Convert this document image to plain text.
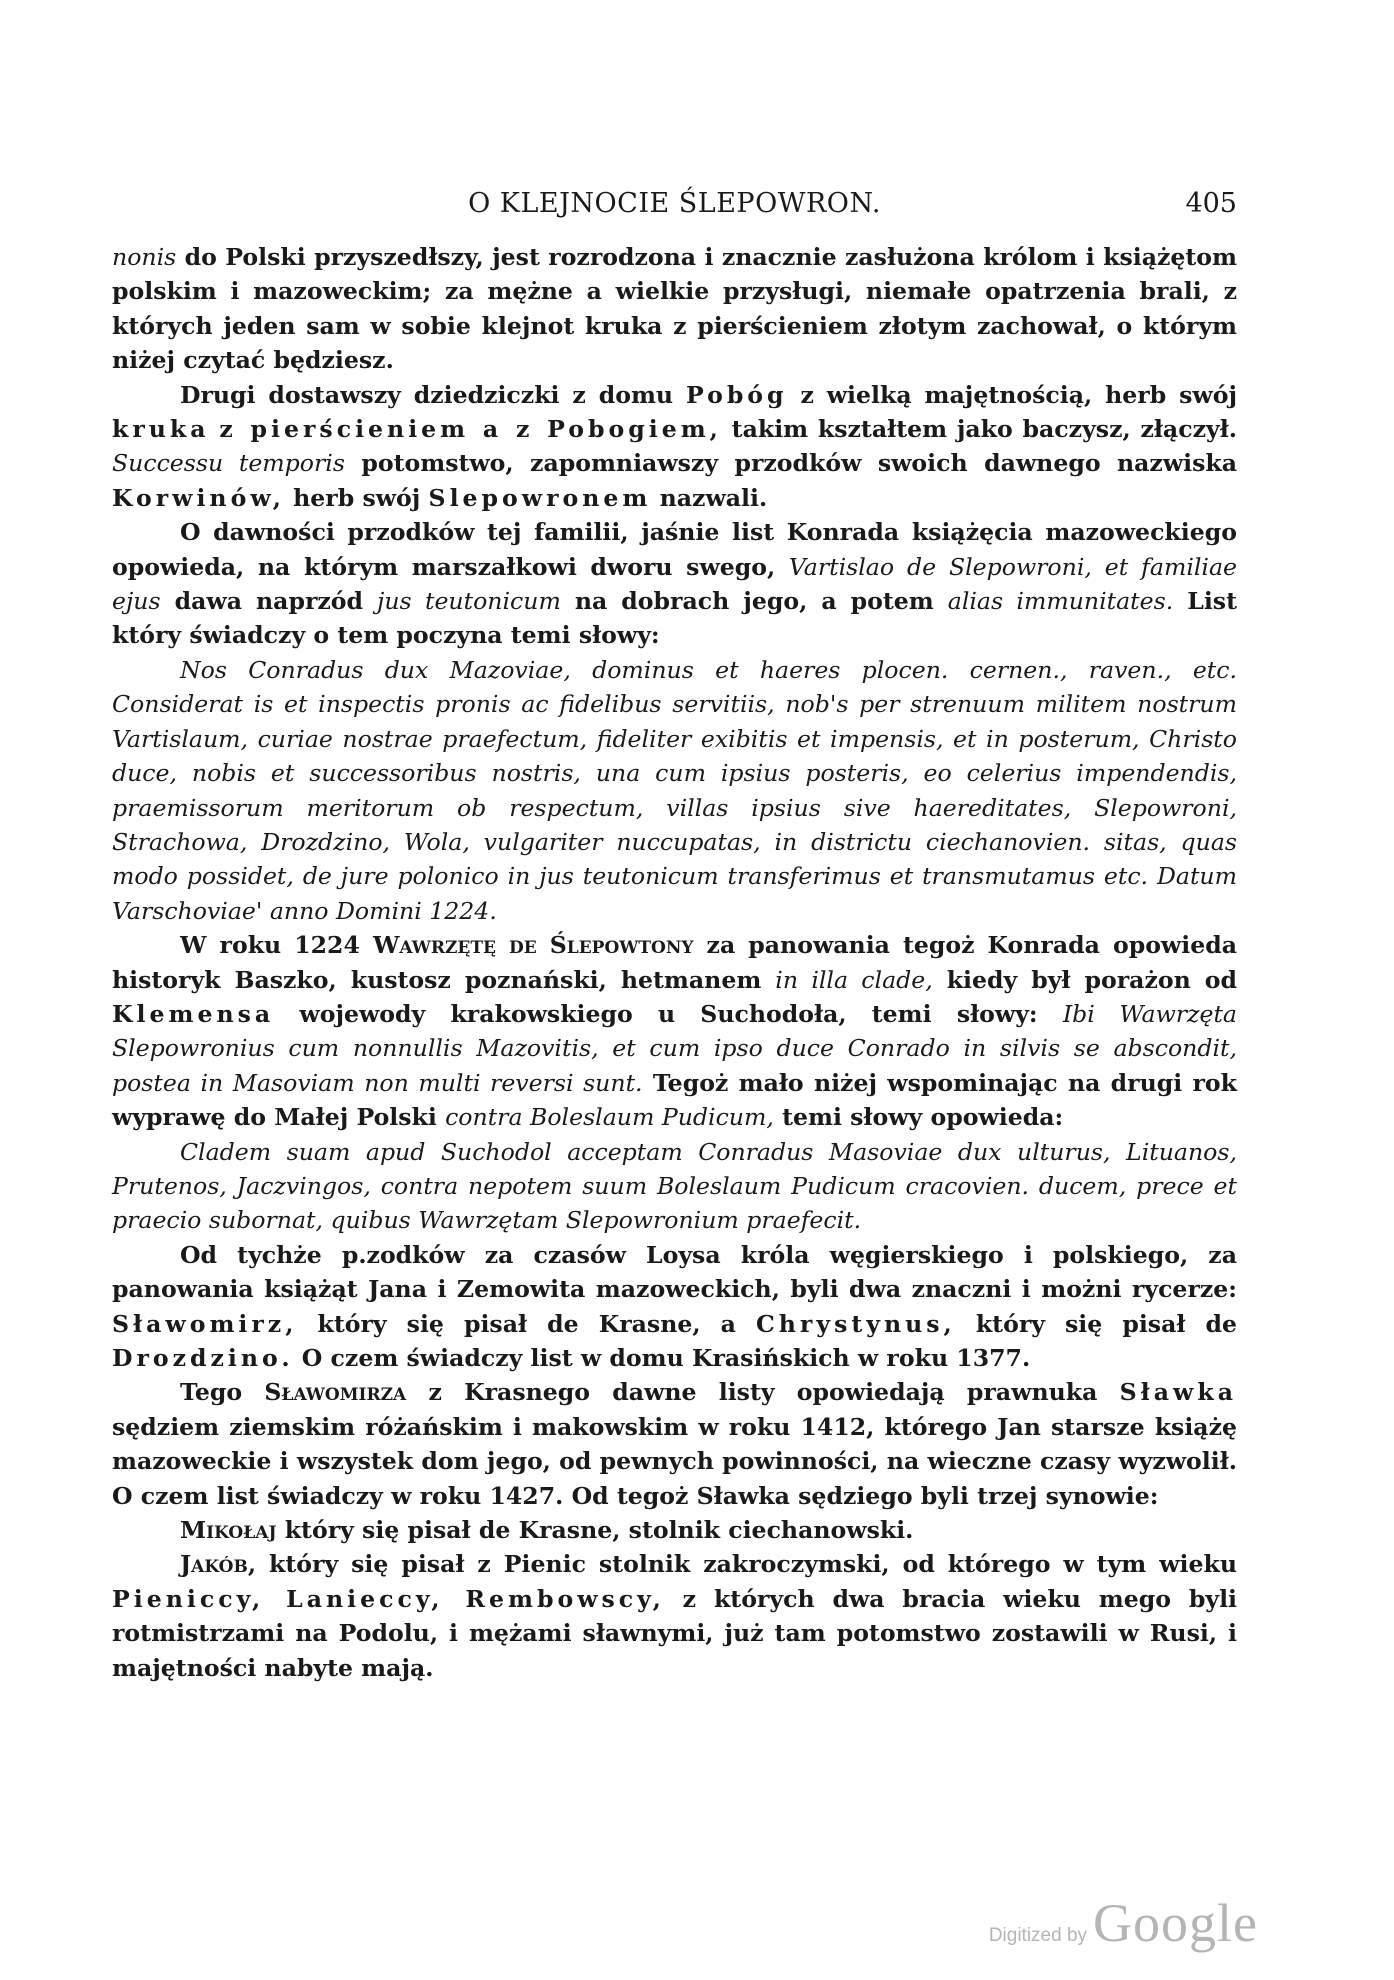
O KLEJNOCIE ŚLEPOWRON.	405

nonis do Polski przyszedłszy, jest rozrodzona i znacznie zasłużona królom i książętom polskim i mazoweckim; za mężne a wielkie przysługi, niemałe opatrzenia brali, z których jeden sam w sobie klejnot kruka z pierścieniem złotym zachował, o którym niżej czytać będziesz.

Drugi dostawszy dziedziczki z domu Pobóg z wielką majętnością, herb swój kruka z pierścieniem a z Pobogiem, takim kształtem jako baczysz, złączył. Successu temporis potomstwo, zapomniawszy przodków swoich dawnego nazwiska Korwinów, herb swój Slepowronem nazwali.

O dawności przodków tej familii, jaśnie list Konrada książęcia mazoweckiego opowieda, na którym marszałkowi dworu swego, Vartislao de Slepowroni, et familiae ejus dawa naprzód jus teutonicum na dobrach jego, a potem alias immunitates. List który świadczy o tem poczyna temi słowy:

Nos Conradus dux Mazoviae, dominus et haeres plocen. cernen., raven., etc. Considerat is et inspectis pronis ac fidelibus servitiis, nob's per strenuum militem nostrum Vartislaum, curiae nostrae praefectum, fideliter exibitis et impensis, et in posterum, Christo duce, nobis et successoribus nostris, una cum ipsius posteris, eo celerius impendendis, praemissorum meritorum ob respectum, villas ipsius sive haereditates, Slepowroni, Strachowa, Drozdzino, Wola, vulgariter nuccupatas, in districtu ciechanovien. sitas, quas modo possidet, de jure polonico in jus teutonicum transferimus et transmutamus etc. Datum Varschoviae' anno Domini 1224.

W roku 1224 Wawrzętę de Ślepowtony za panowania tegoż Konrada opowieda historyk Baszko, kustosz poznański, hetmanem in illa clade, kiedy był porażon od Klemensa wojewody krakowskiego u Suchodoła, temi słowy: Ibi Wawrzęta Slepowronius cum nonnullis Mazovitis, et cum ipso duce Conrado in silvis se abscondit, postea in Masoviam non multi reversi sunt. Tegoż mało niżej wspominając na drugi rok wyprawę do Małej Polski contra Boleslaum Pudicum, temi słowy opowieda:

Cladem suam apud Suchodol acceptam Conradus Masoviae dux ulturus, Lituanos, Prutenos, Jaczvingos, contra nepotem suum Boleslaum Pudicum cracovien. ducem, prece et praecio subornat, quibus Wawrzętam Slepowronium praefecit.

Od tychże p.zodków za czasów Loysa króla węgierskiego i polskiego, za panowania książąt Jana i Zemowita mazoweckich, byli dwa znaczni i możni rycerze: Sławomirz, który się pisał de Krasne, a Chrystynus, który się pisał de Drozdzino. O czem świadczy list w domu Krasińskich w roku 1377.

Tego Sławomirza z Krasnego dawne listy opowiedają prawnuka Sławka sędziem ziemskim różańskim i makowskim w roku 1412, którego Jan starsze książę mazoweckie i wszystek dom jego, od pewnych powinności, na wieczne czasy wyzwolił. O czem list świadczy w roku 1427. Od tegoż Sławka sędziego byli trzej synowie:

Mikołaj który się pisał de Krasne, stolnik ciechanowski.

Jakób, który się pisał z Pienic stolnik zakroczymski, od którego w tym wieku Pieniccy, Lanieccy, Rembowscy, z których dwa bracia wieku mego byli rotmistrzami na Podolu, i mężami sławnymi, już tam potomstwo zostawili w Rusi, i majętności nabyte mają.

Digitized by Google
